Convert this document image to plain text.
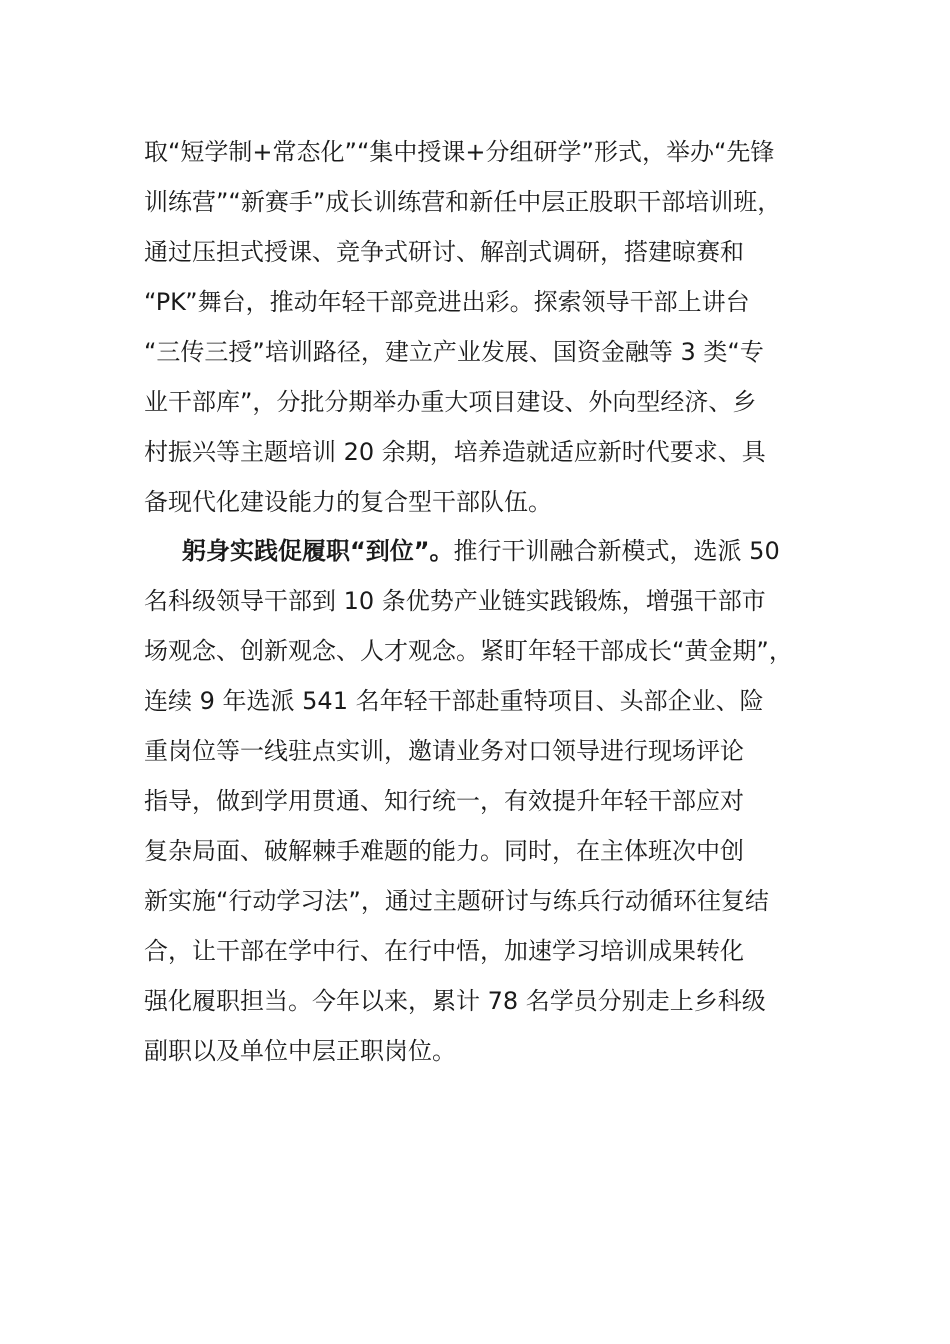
取“短学制+常态化”“集中授课+分组研学”形式，举办“先锋
训练营”“新赛手”成长训练营和新任中层正股职干部培训班，
通过压担式授课、竞争式研讨、解剖式调研，搭建晾赛和
“PK”舞台，推动年轻干部竞进出彩。探索领导干部上讲台
“三传三授”培训路径，建立产业发展、国资金融等 3 类“专
业干部库”，分批分期举办重大项目建设、外向型经济、乡
村振兴等主题培训 20 余期，培养造就适应新时代要求、具
备现代化建设能力的复合型干部队伍。
躬身实践促履职“到位”。推行干训融合新模式，选派 50
名科级领导干部到 10 条优势产业链实践锻炼，增强干部市
场观念、创新观念、人才观念。紧盯年轻干部成长“黄金期”，
连续 9 年选派 541 名年轻干部赴重特项目、头部企业、险
重岗位等一线驻点实训，邀请业务对口领导进行现场评论
指导，做到学用贯通、知行统一，有效提升年轻干部应对
复杂局面、破解棘手难题的能力。同时，在主体班次中创
新实施“行动学习法”，通过主题研讨与练兵行动循环往复结
合，让干部在学中行、在行中悟，加速学习培训成果转化
强化履职担当。今年以来，累计 78 名学员分别走上乡科级
副职以及单位中层正职岗位。
